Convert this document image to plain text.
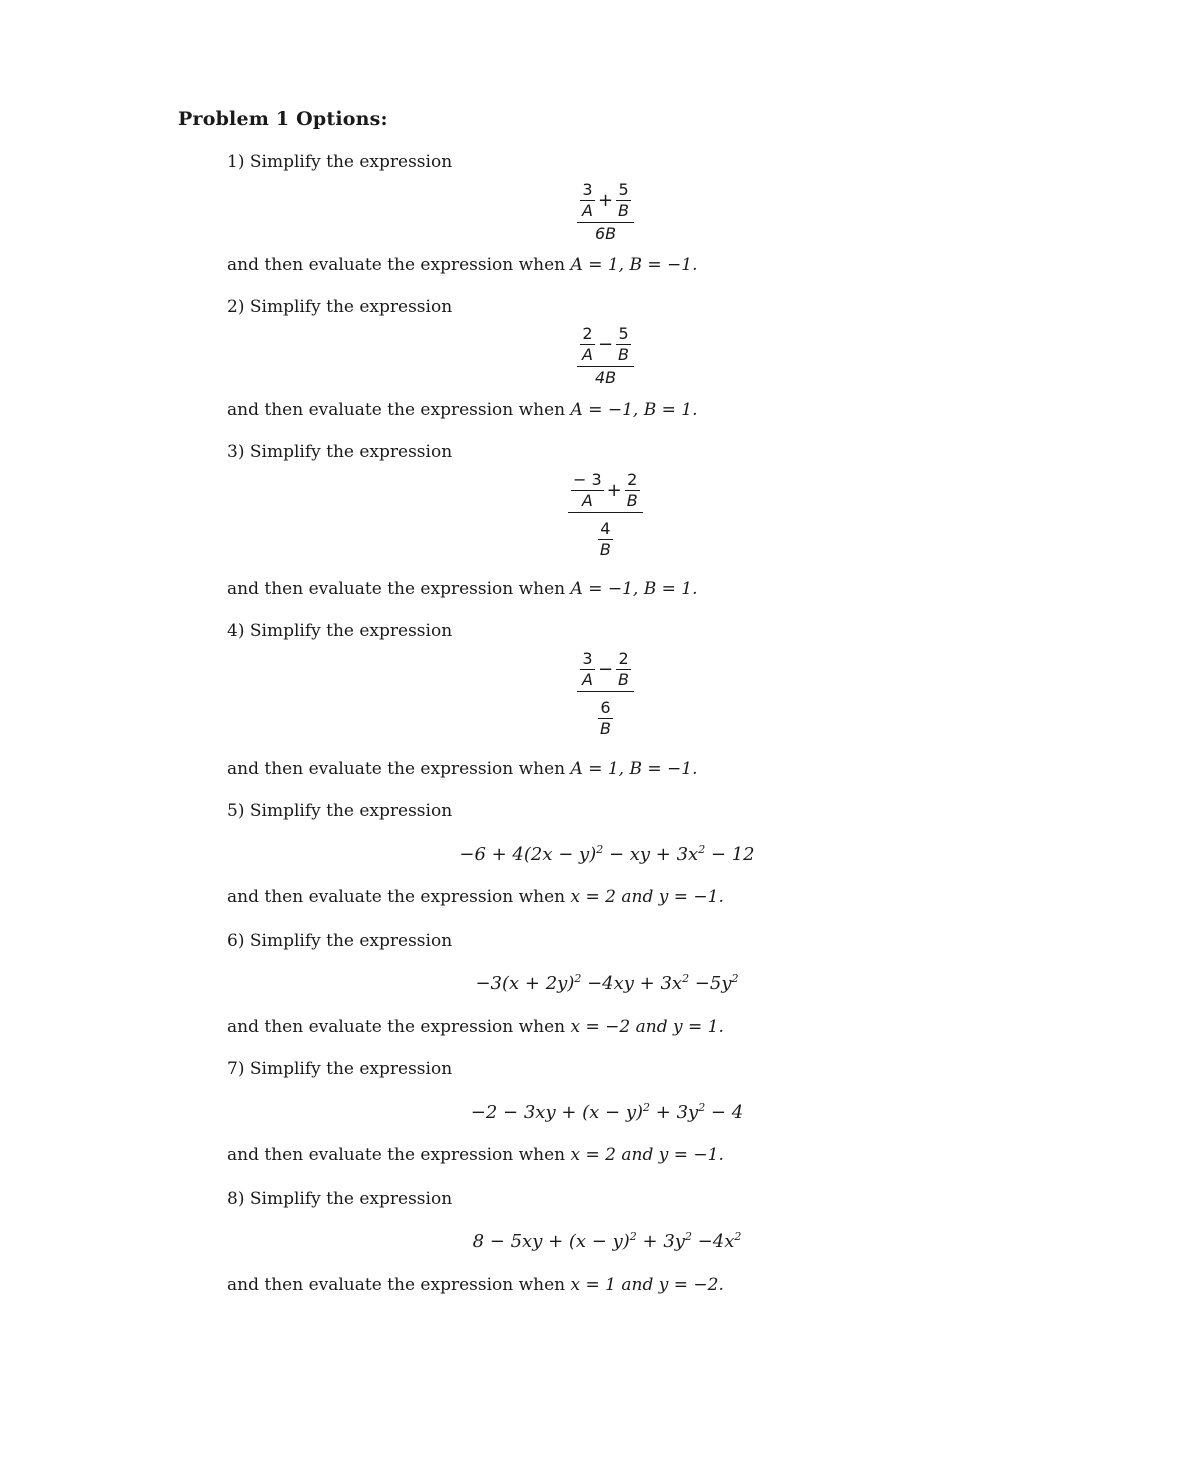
Problem 1 Options:
1) Simplify the expression
3
A +
5
B
6B
and then evaluate the expression when A = 1, B = −1.
2) Simplify the expression
2
A −
5
B
4B
and then evaluate the expression when A = −1, B = 1.
3) Simplify the expression
− 3
A +
2
B
4
B
and then evaluate the expression when A = −1, B = 1.
4) Simplify the expression
3
A −
2
B
6
B
and then evaluate the expression when A = 1, B = −1.
5) Simplify the expression
$-6 + 4(2x - y)^2$ − xy + $3x^2 - 12$
and then evaluate the expression when x = 2 and y = −1.
6) Simplify the expression
$-3(x + 2y)^2 -4xy + 3x^2 -5y^2$
and then evaluate the expression when x = −2 and y = 1.
7) Simplify the expression
$-2 - 3xy + (x - y)^2 + 3y^2 - 4$
and then evaluate the expression when x = 2 and y = −1.
8) Simplify the expression
$8 - 5xy + (x - y)^2 + 3y^2 -4x^2$
and then evaluate the expression when x = 1 and y = −2.
